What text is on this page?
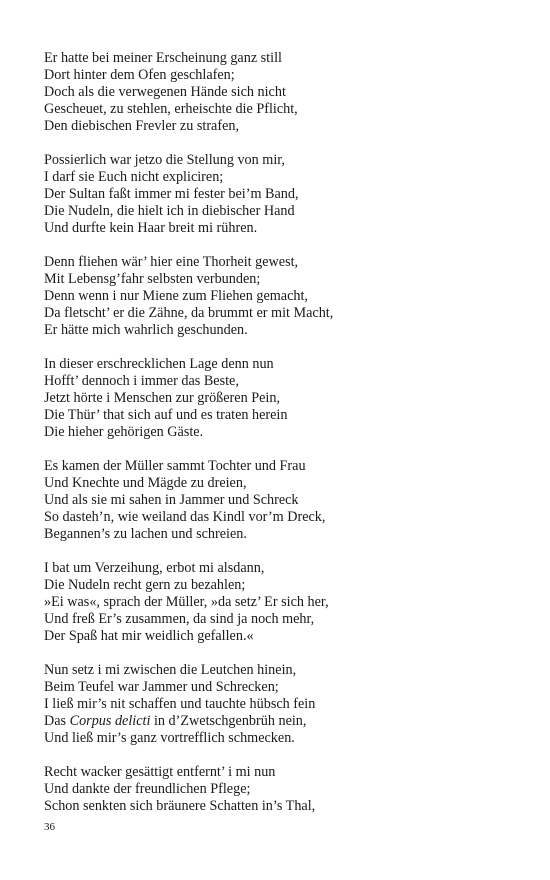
Er hatte bei meiner Erscheinung ganz still
Dort hinter dem Ofen geschlafen;
Doch als die verwegenen Hände sich nicht
Gescheuet, zu stehlen, erheischte die Pflicht,
Den diebischen Frevler zu strafen,
Possierlich war jetzo die Stellung von mir,
I darf sie Euch nicht expliciren;
Der Sultan faßt immer mi fester bei’m Band,
Die Nudeln, die hielt ich in diebischer Hand
Und durfte kein Haar breit mi rühren.
Denn fliehen wär’ hier eine Thorheit gewest,
Mit Lebensg’fahr selbsten verbunden;
Denn wenn i nur Miene zum Fliehen gemacht,
Da fletscht’ er die Zähne, da brummt er mit Macht,
Er hätte mich wahrlich geschunden.
In dieser erschrecklichen Lage denn nun
Hofft’ dennoch i immer das Beste,
Jetzt hörte i Menschen zur größeren Pein,
Die Thür’ that sich auf und es traten herein
Die hieher gehörigen Gäste.
Es kamen der Müller sammt Tochter und Frau
Und Knechte und Mägde zu dreien,
Und als sie mi sahen in Jammer und Schreck
So dasteh’n, wie weiland das Kindl vor’m Dreck,
Begannen’s zu lachen und schreien.
I bat um Verzeihung, erbot mi alsdann,
Die Nudeln recht gern zu bezahlen;
»Ei was«, sprach der Müller, »da setz’ Er sich her,
Und freß Er’s zusammen, da sind ja noch mehr,
Der Spaß hat mir weidlich gefallen.«
Nun setz i mi zwischen die Leutchen hinein,
Beim Teufel war Jammer und Schrecken;
I ließ mir’s nit schaffen und tauchte hübsch fein
Das Corpus delicti in d’Zwetschgenbrüh nein,
Und ließ mir’s ganz vortrefflich schmecken.
Recht wacker gesättigt entfernt’ i mi nun
Und dankte der freundlichen Pflege;
Schon senkten sich bräunere Schatten in’s Thal,
36
